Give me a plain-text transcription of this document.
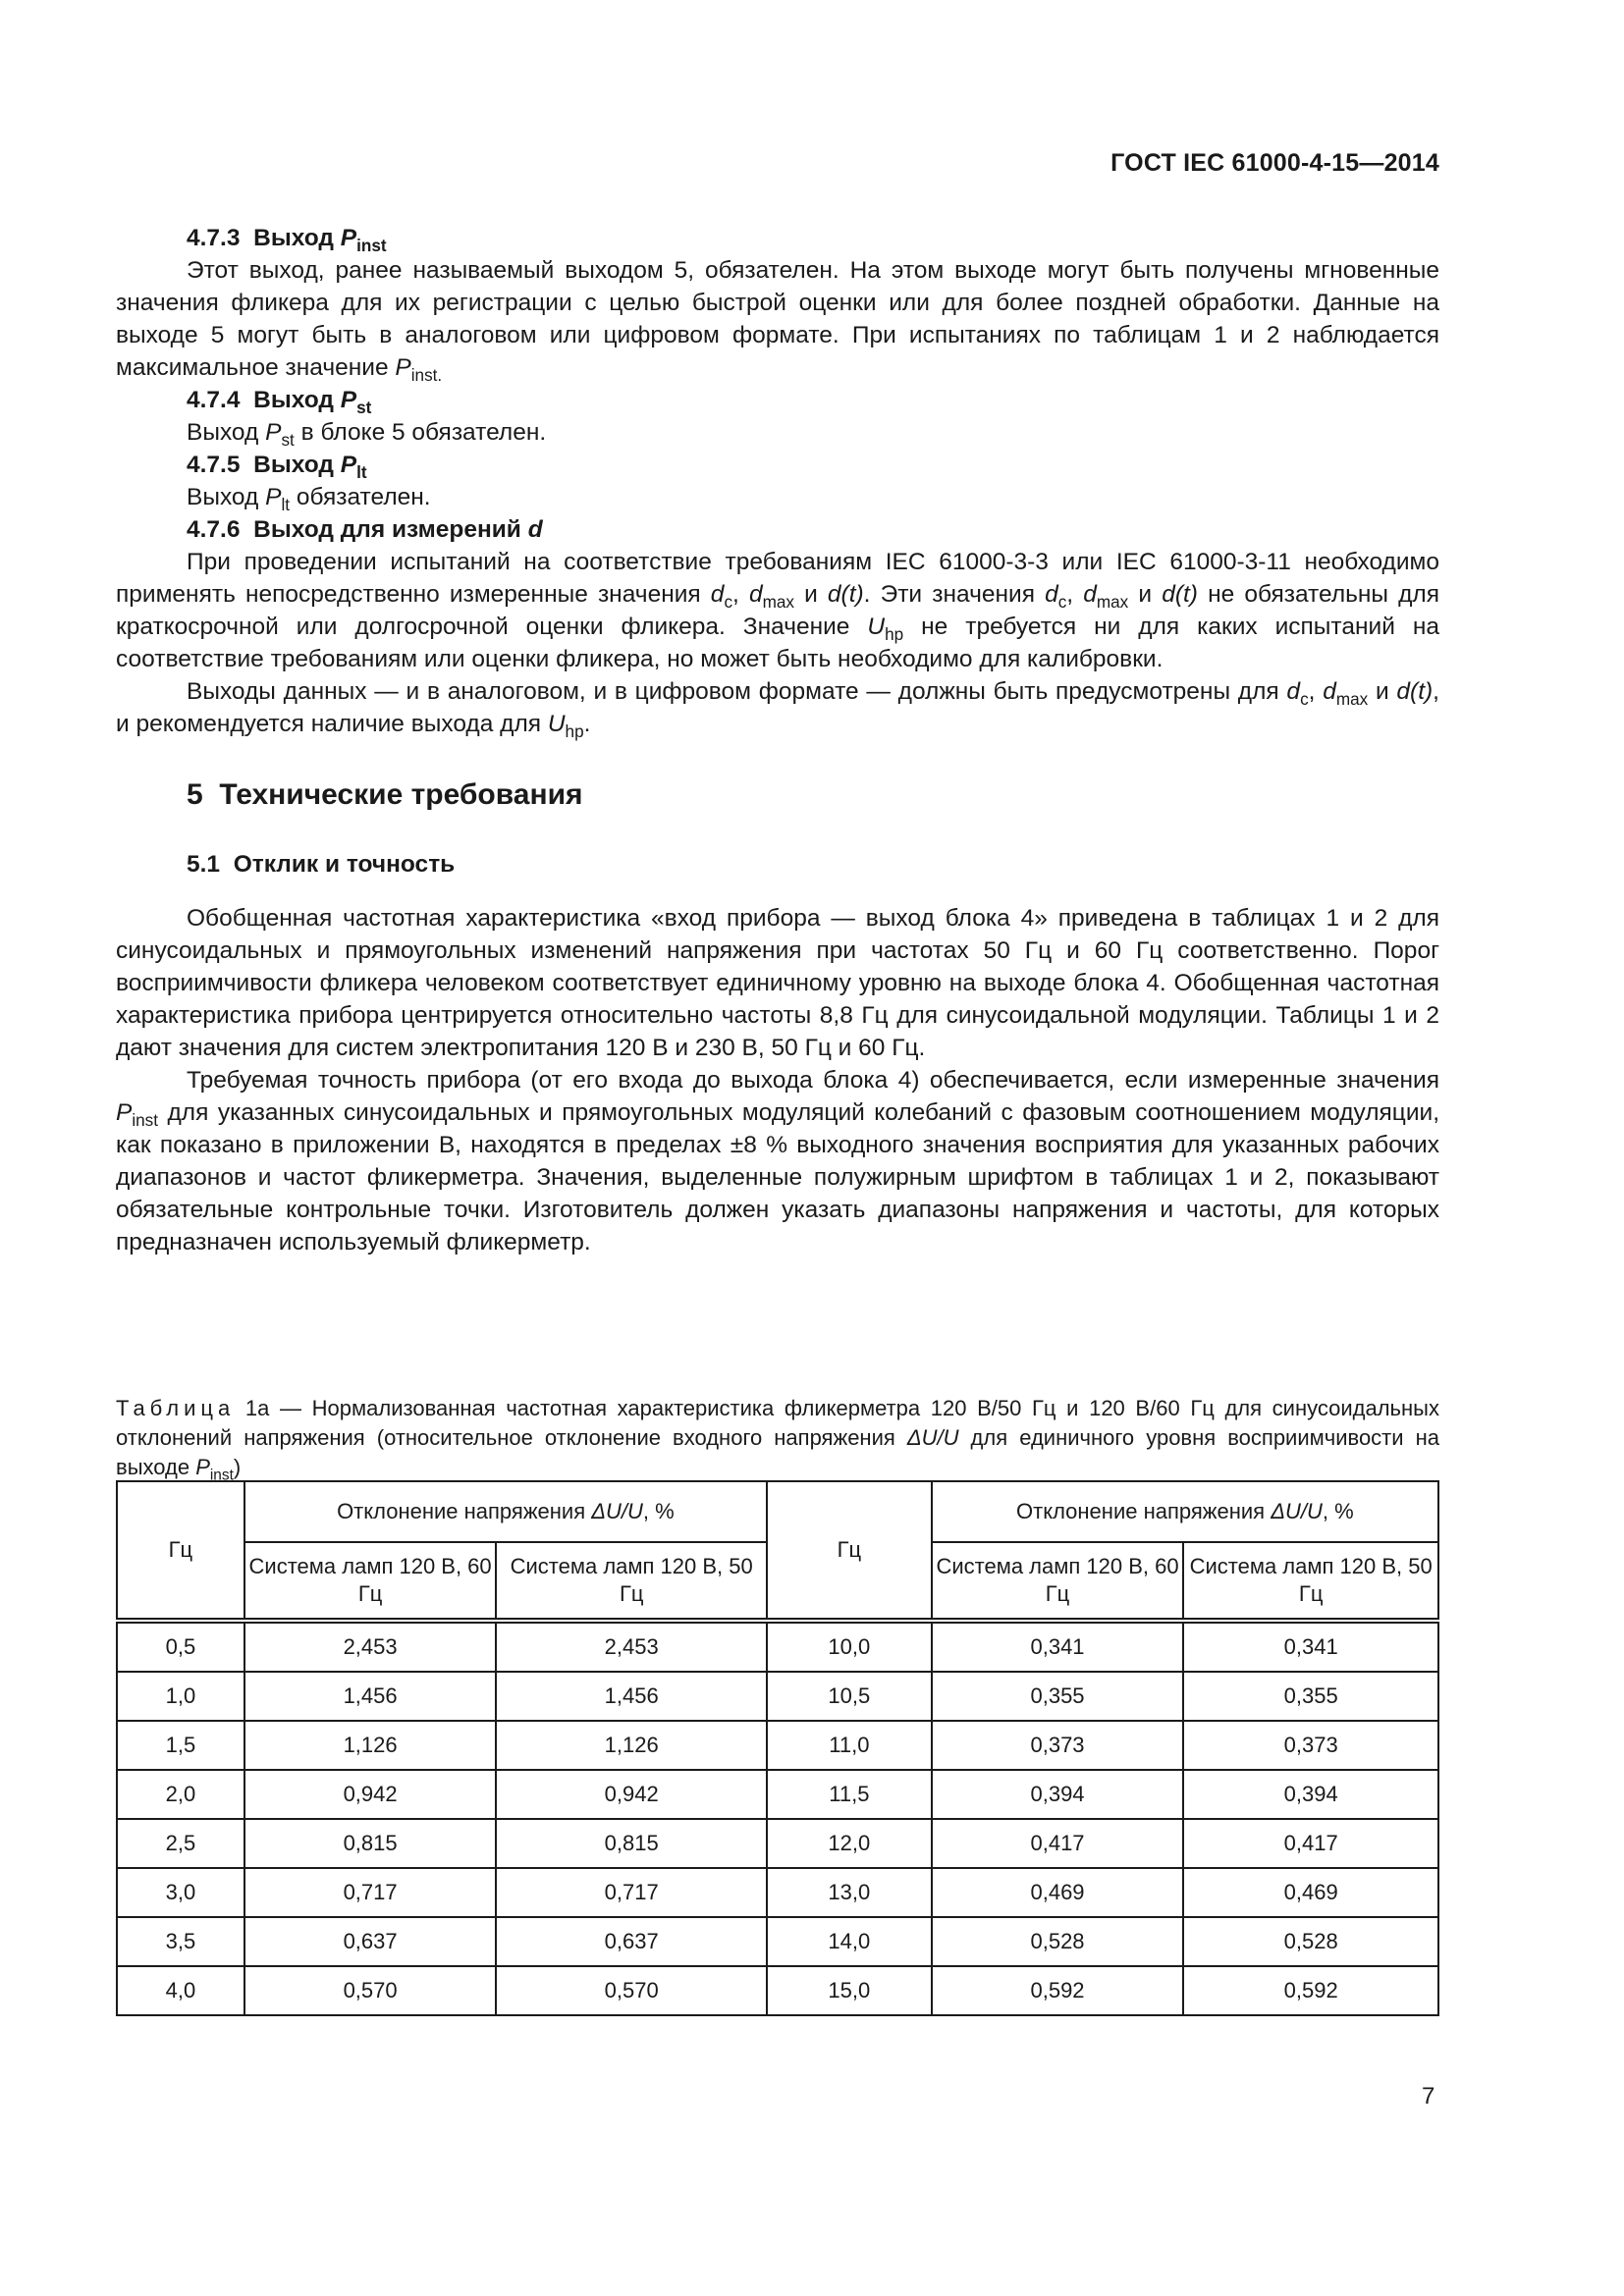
ГОСТ IEC 61000-4-15—2014

4.7.3 Выход $P_{inst}$

Этот выход, ранее называемый выходом 5, обязателен. На этом выходе могут быть получены мгновенные значения фликера для их регистрации с целью быстрой оценки или для более поздней обработки. Данные на выходе 5 могут быть в аналоговом или цифровом формате. При испытаниях по таблицам 1 и 2 наблюдается максимальное значение $P_{inst.}$

4.7.4 Выход $P_{st}$

Выход $P_{st}$ в блоке 5 обязателен.

4.7.5 Выход $P_{lt}$

Выход $P_{lt}$ обязателен.

4.7.6 Выход для измерений d

При проведении испытаний на соответствие требованиям IEC 61000-3-3 или IEC 61000-3-11 необходимо применять непосредственно измеренные значения $d_c$, $d_{max}$ и d(t). Эти значения $d_c$, $d_{max}$ и d(t) не обязательны для краткосрочной или долгосрочной оценки фликера. Значение $U_{hp}$ не требуется ни для каких испытаний на соответствие требованиям или оценки фликера, но может быть необходимо для калибровки.

Выходы данных — и в аналоговом, и в цифровом формате — должны быть предусмотрены для $d_c$, $d_{max}$ и d(t), и рекомендуется наличие выхода для $U_{hp}$.

5 Технические требования

5.1 Отклик и точность

Обобщенная частотная характеристика «вход прибора — выход блока 4» приведена в таблицах 1 и 2 для синусоидальных и прямоугольных изменений напряжения при частотах 50 Гц и 60 Гц соответственно. Порог восприимчивости фликера человеком соответствует единичному уровню на выходе блока 4. Обобщенная частотная характеристика прибора центрируется относительно частоты 8,8 Гц для синусоидальной модуляции. Таблицы 1 и 2 дают значения для систем электропитания 120 В и 230 В, 50 Гц и 60 Гц.

Требуемая точность прибора (от его входа до выхода блока 4) обеспечивается, если измеренные значения $P_{inst}$ для указанных синусоидальных и прямоугольных модуляций колебаний с фазовым соотношением модуляции, как показано в приложении В, находятся в пределах ±8 % выходного значения восприятия для указанных рабочих диапазонов и частот фликерметра. Значения, выделенные полужирным шрифтом в таблицах 1 и 2, показывают обязательные контрольные точки. Изготовитель должен указать диапазоны напряжения и частоты, для которых предназначен используемый фликерметр.

Таблица 1а — Нормализованная частотная характеристика фликерметра 120 В/50 Гц и 120 В/60 Гц для синусоидальных отклонений напряжения (относительное отклонение входного напряжения ΔU/U для единичного уровня восприимчивости на выходе $P_{inst}$)

Гц	Отклонение напряжения ΔU/U, %		Гц	Отклонение напряжения ΔU/U, %	
	Система ламп 120 В, 60 Гц	Система ламп 120 В, 50 Гц		Система ламп 120 В, 60 Гц	Система ламп 120 В, 50 Гц
0,5	2,453	2,453	10,0	0,341	0,341
1,0	1,456	1,456	10,5	0,355	0,355
1,5	1,126	1,126	11,0	0,373	0,373
2,0	0,942	0,942	11,5	0,394	0,394
2,5	0,815	0,815	12,0	0,417	0,417
3,0	0,717	0,717	13,0	0,469	0,469
3,5	0,637	0,637	14,0	0,528	0,528
4,0	0,570	0,570	15,0	0,592	0,592
7
